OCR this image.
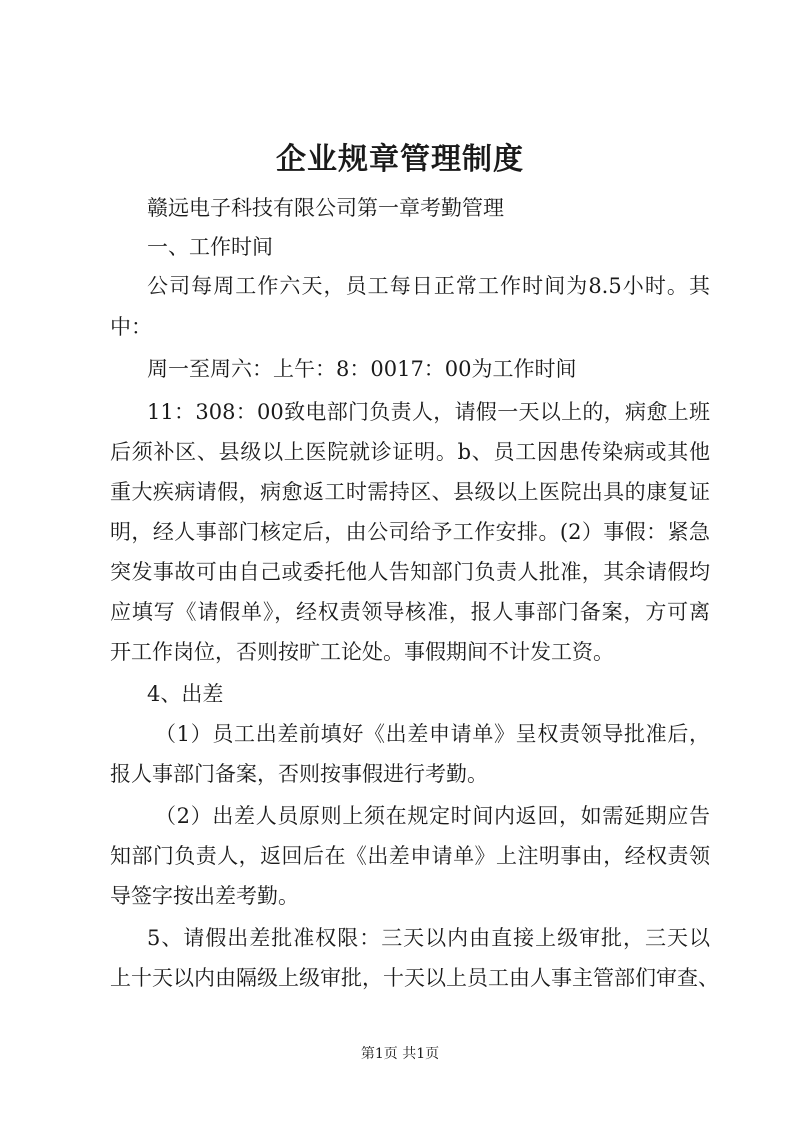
企业规章管理制度
赣远电子科技有限公司第一章考勤管理
一、工作时间
公司每周工作六天，员工每日正常工作时间为8.5小时。其
中：
周一至周六：上午：8：0017：00为工作时间
11：308：00致电部门负责人，请假一天以上的，病愈上班
后须补区、县级以上医院就诊证明。b、员工因患传染病或其他
重大疾病请假，病愈返工时需持区、县级以上医院出具的康复证
明，经人事部门核定后，由公司给予工作安排。(2）事假：紧急
突发事故可由自己或委托他人告知部门负责人批准，其余请假均
应填写《请假单》，经权责领导核准，报人事部门备案，方可离
开工作岗位，否则按旷工论处。事假期间不计发工资。
4、出差
（1）员工出差前填好《出差申请单》呈权责领导批准后，
报人事部门备案，否则按事假进行考勤。
（2）出差人员原则上须在规定时间内返回，如需延期应告
知部门负责人，返回后在《出差申请单》上注明事由，经权责领
导签字按出差考勤。
5、请假出差批准权限：三天以内由直接上级审批，三天以
上十天以内由隔级上级审批，十天以上员工由人事主管部们审查、
第1页 共1页
